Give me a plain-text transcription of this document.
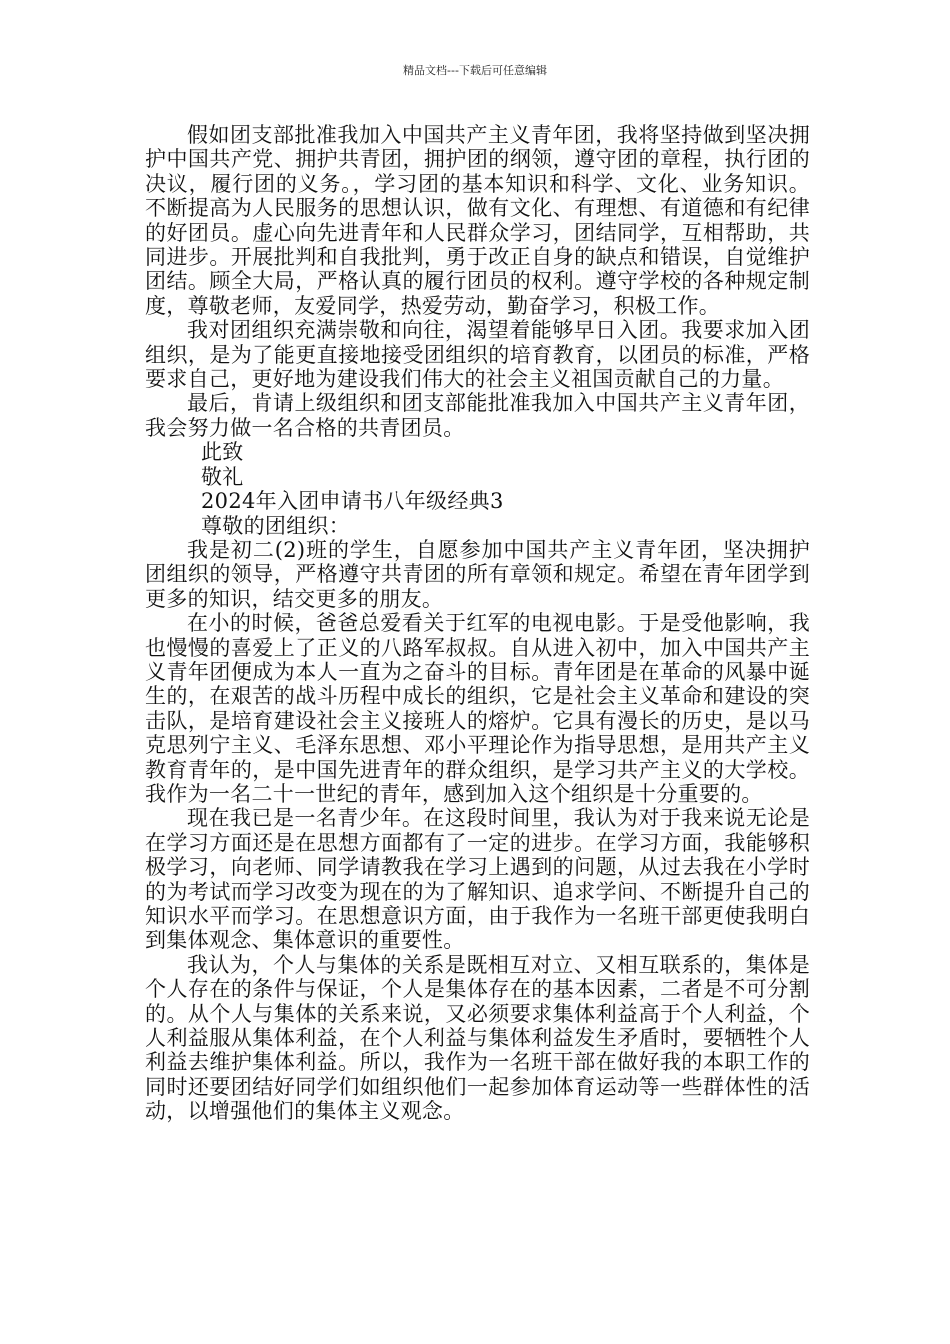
精品文档---下载后可任意编辑

假如团支部批准我加入中国共产主义青年团，我将坚持做到坚决拥护中国共产党、拥护共青团，拥护团的纲领，遵守团的章程，执行团的决议，履行团的义务。，学习团的基本知识和科学、文化、业务知识。不断提高为人民服务的思想认识，做有文化、有理想、有道德和有纪律的好团员。虚心向先进青年和人民群众学习，团结同学，互相帮助，共同进步。开展批判和自我批判，勇于改正自身的缺点和错误，自觉维护团结。顾全大局，严格认真的履行团员的权利。遵守学校的各种规定制度，尊敬老师，友爱同学，热爱劳动，勤奋学习，积极工作。

我对团组织充满崇敬和向往，渴望着能够早日入团。我要求加入团组织，是为了能更直接地接受团组织的培育教育，以团员的标准，严格要求自己，更好地为建设我们伟大的社会主义祖国贡献自己的力量。

最后，肯请上级组织和团支部能批准我加入中国共产主义青年团，我会努力做一名合格的共青团员。

此致

敬礼

2024年入团申请书八年级经典3

尊敬的团组织：

我是初二(2)班的学生，自愿参加中国共产主义青年团，坚决拥护团组织的领导，严格遵守共青团的所有章领和规定。希望在青年团学到更多的知识，结交更多的朋友。

在小的时候，爸爸总爱看关于红军的电视电影。于是受他影响，我也慢慢的喜爱上了正义的八路军叔叔。自从进入初中，加入中国共产主义青年团便成为本人一直为之奋斗的目标。青年团是在革命的风暴中诞生的，在艰苦的战斗历程中成长的组织，它是社会主义革命和建设的突击队，是培育建设社会主义接班人的熔炉。它具有漫长的历史，是以马克思列宁主义、毛泽东思想、邓小平理论作为指导思想，是用共产主义教育青年的，是中国先进青年的群众组织，是学习共产主义的大学校。我作为一名二十一世纪的青年，感到加入这个组织是十分重要的。

现在我已是一名青少年。在这段时间里，我认为对于我来说无论是在学习方面还是在思想方面都有了一定的进步。在学习方面，我能够积极学习，向老师、同学请教我在学习上遇到的问题，从过去我在小学时的为考试而学习改变为现在的为了解知识、追求学问、不断提升自己的知识水平而学习。在思想意识方面，由于我作为一名班干部更使我明白到集体观念、集体意识的重要性。

我认为，个人与集体的关系是既相互对立、又相互联系的，集体是个人存在的条件与保证，个人是集体存在的基本因素，二者是不可分割的。从个人与集体的关系来说，又必须要求集体利益高于个人利益，个人利益服从集体利益，在个人利益与集体利益发生矛盾时，要牺牲个人利益去维护集体利益。所以，我作为一名班干部在做好我的本职工作的同时还要团结好同学们如组织他们一起参加体育运动等一些群体性的活动，以增强他们的集体主义观念。
